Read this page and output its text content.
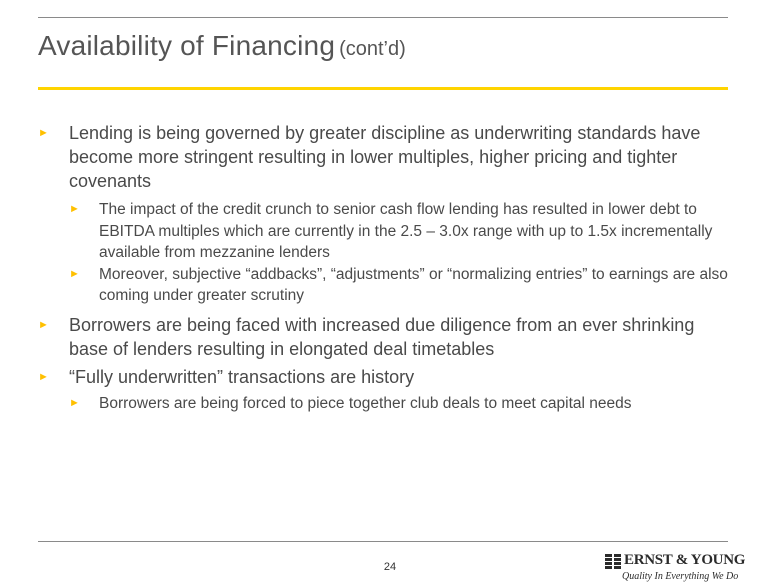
Availability of Financing (cont’d)
► Lending is being governed by greater discipline as underwriting standards have become more stringent resulting in lower multiples, higher pricing and tighter covenants
► The impact of the credit crunch to senior cash flow lending has resulted in lower debt to EBITDA multiples which are currently in the 2.5 – 3.0x range with up to 1.5x incrementally available from mezzanine lenders
► Moreover, subjective “addbacks”, “adjustments” or “normalizing entries” to earnings are also coming under greater scrutiny
► Borrowers are being faced with increased due diligence from an ever shrinking base of lenders resulting in elongated deal timetables
► “Fully underwritten” transactions are history
► Borrowers are being forced to piece together club deals to meet capital needs
24	ERNST & YOUNG
Quality In Everything We Do
